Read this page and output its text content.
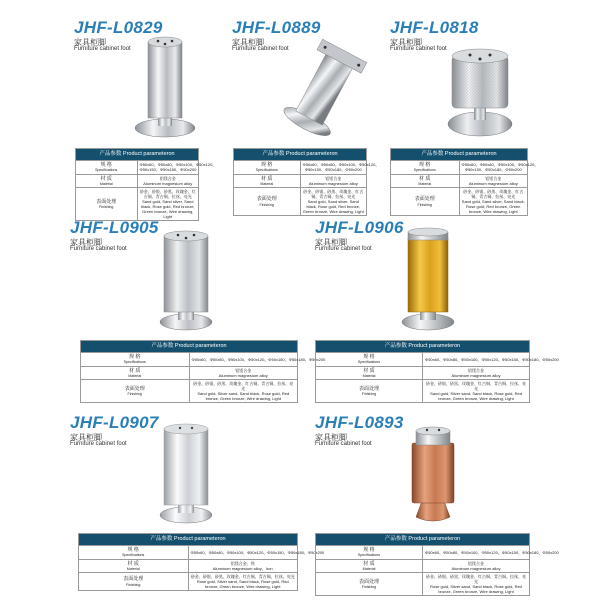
JHF-L0829
家具柜脚
Furniture cabinet foot
产品参数 Product parameteron	

规 格
Specifications	Φ50x60、Φ50x80、Φ50x100、Φ50x120、
Φ50x150、Φ50x180、Φ50x200

材 质
Material	铝镁合金
Aluminum magnesium alloy

表面处理
Finishing	砂金、砂银、砂黑、玫瑰金、红古铜、青古铜、拉丝、亮光
Sand gold, Sand silver, Sand black, Rose gold, Red bronze, Green bronze, Wire drawing, Light
JHF-L0889
家具柜脚
Furniture cabinet foot
产品参数 Product parameteron	

规 格
Specifications	Φ50x60、Φ50x80、Φ50x100、Φ50x120、
Φ50x150、Φ50x180、Φ50x200

材 质
Material	铝镁合金
Aluminum magnesium alloy

表面处理
Finishing	砂金、砂银、砂黑、玫瑰金、红古铜、青古铜、拉丝、亮光
Sand gold, Sand silver, Sand black, Rose gold, Red bronze, Green bronze, Wire drawing, Light
JHF-L0818
家具柜脚
Furniture cabinet foot
产品参数 Product parameteron	

规 格
Specifications	Φ50x60、Φ50x80、Φ50x100、Φ50x120、
Φ50x150、Φ50x180、Φ50x200

材 质
Material	铝镁合金
Aluminum magnesium alloy

表面处理
Finishing	砂金、砂银、砂黑、玫瑰金、红古铜、青古铜、拉丝、亮光
Sand gold, Sand silver, Sand black, Rose gold, Red bronze, Green bronze, Wire drawing, Light
JHF-L0905
家具柜脚
Furniture cabinet foot
产品参数 Product parameteron	

规 格
Specifications	Φ50x60、Φ50x80、Φ50x100、Φ50x120、Φ50x150、Φ50x180、Φ50x200

材 质
Material	铝镁合金
Aluminum magnesium alloy

表面处理
Finishing	砂金、砂银、砂黑、玫瑰金、红古铜、青古铜、拉丝、亮光
Sand gold, Silver sand, Sand black, Rose gold, Red bronze, Green bronze, Wire drawing, Light
JHF-L0906
家具柜脚
Furniture cabinet foot
产品参数 Product parameteron	

规 格
Specifications	Φ50x60、Φ50x80、Φ50x100、Φ50x120、Φ50x150、Φ50x180、Φ50x200

材 质
Material	铝镁合金
Aluminum magnesium alloy

表面处理
Finishing	砂金、砂银、砂黑、玫瑰金、红古铜、青古铜、拉丝、亮光
Sand gold, Silver sand, Sand black, Rose gold, Red bronze, Green bronze, Wire drawing, Light
JHF-L0907
家具柜脚
Furniture cabinet foot
产品参数 Product parameteron	

规 格
Specifications	Φ50x60、Φ50x80、Φ50x100、Φ50x120、Φ50x150、Φ50x180、Φ50x200

材 质
Material	铝镁合金、铁
Aluminum magnesium alloy、Iron

表面处理
Finishing	砂金、砂银、砂黑、玫瑰金、红古铜、青古铜、拉丝、亮光
Rose gold, Silver sand, Sand black, Rose gold, Red bronze, Green bronze, Wire drawing, Light
JHF-L0893
家具柜脚
Furniture cabinet foot
产品参数 Product parameteron	

规 格
Specifications	Φ50x60、Φ50x80、Φ50x100、Φ50x120、Φ50x150、Φ50x180、Φ50x200

材 质
Material	铝镁合金
Aluminum magnesium alloy

表面处理
Finishing	砂金、砂银、砂黑、玫瑰金、红古铜、青古铜、拉丝、亮光
Rose gold, Silver sand, Sand black, Rose gold, Red bronze, Green bronze, Wire drawing, Light
